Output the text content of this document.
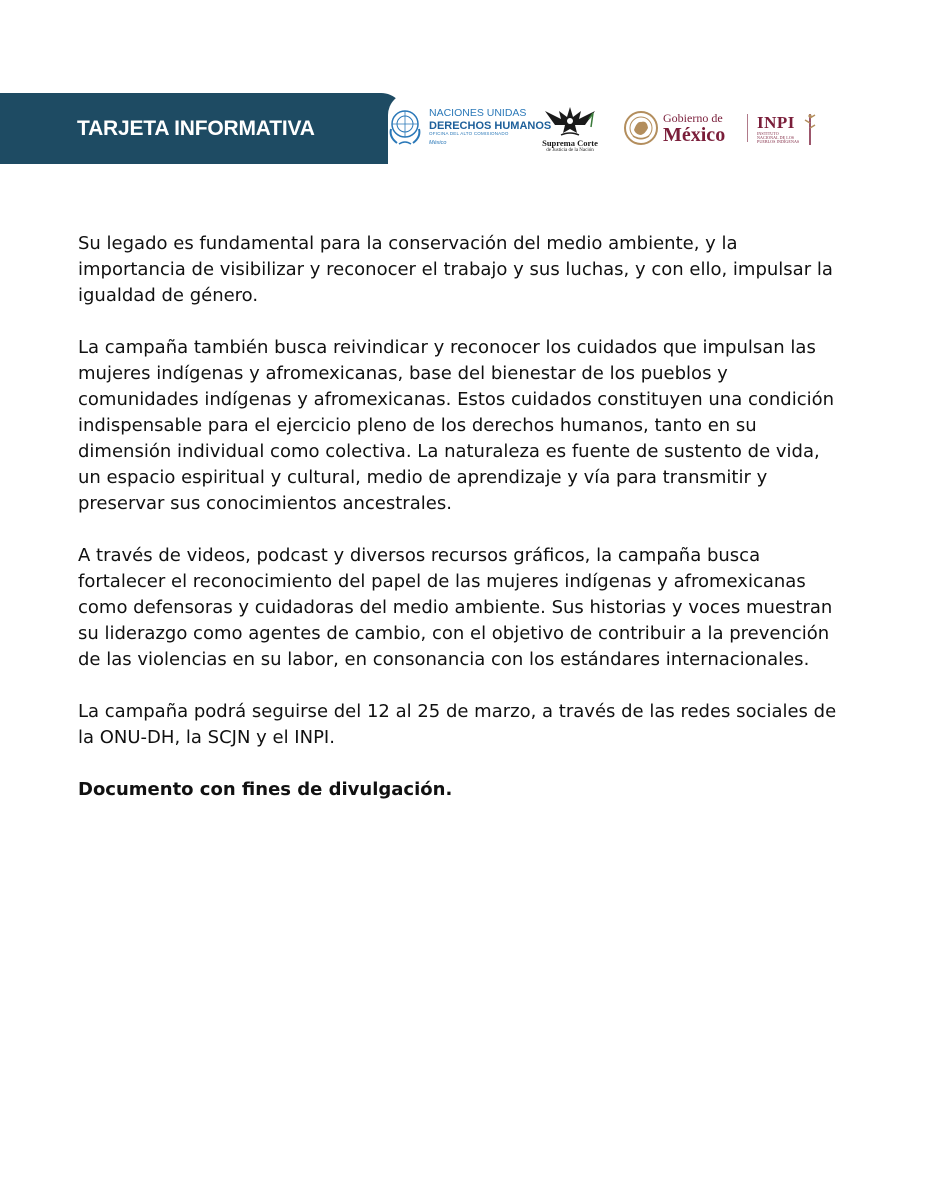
TARJETA INFORMATIVA
NACIONES UNIDAS
DERECHOS HUMANOS
OFICINA DEL ALTO COMISIONADO
México	Suprema Corte
de Justicia de la Nación
Gobierno de
México
INPI
INSTITUTO NACIONAL DE LOS PUEBLOS INDÍGENAS

Su legado es fundamental para la conservación del medio ambiente, y la importancia de visibilizar y reconocer el trabajo y sus luchas, y con ello, impulsar la igualdad de género.

La campaña también busca reivindicar y reconocer los cuidados que impulsan las mujeres indígenas y afromexicanas, base del bienestar de los pueblos y comunidades indígenas y afromexicanas. Estos cuidados constituyen una condición indispensable para el ejercicio pleno de los derechos humanos, tanto en su dimensión individual como colectiva. La naturaleza es fuente de sustento de vida, un espacio espiritual y cultural, medio de aprendizaje y vía para transmitir y preservar sus conocimientos ancestrales.

A través de videos, podcast y diversos recursos gráficos, la campaña busca fortalecer el reconocimiento del papel de las mujeres indígenas y afromexicanas como defensoras y cuidadoras del medio ambiente. Sus historias y voces muestran su liderazgo como agentes de cambio, con el objetivo de contribuir a la prevención de las violencias en su labor, en consonancia con los estándares internacionales.

La campaña podrá seguirse del 12 al 25 de marzo, a través de las redes sociales de la ONU-DH, la SCJN y el INPI.

Documento con fines de divulgación.
